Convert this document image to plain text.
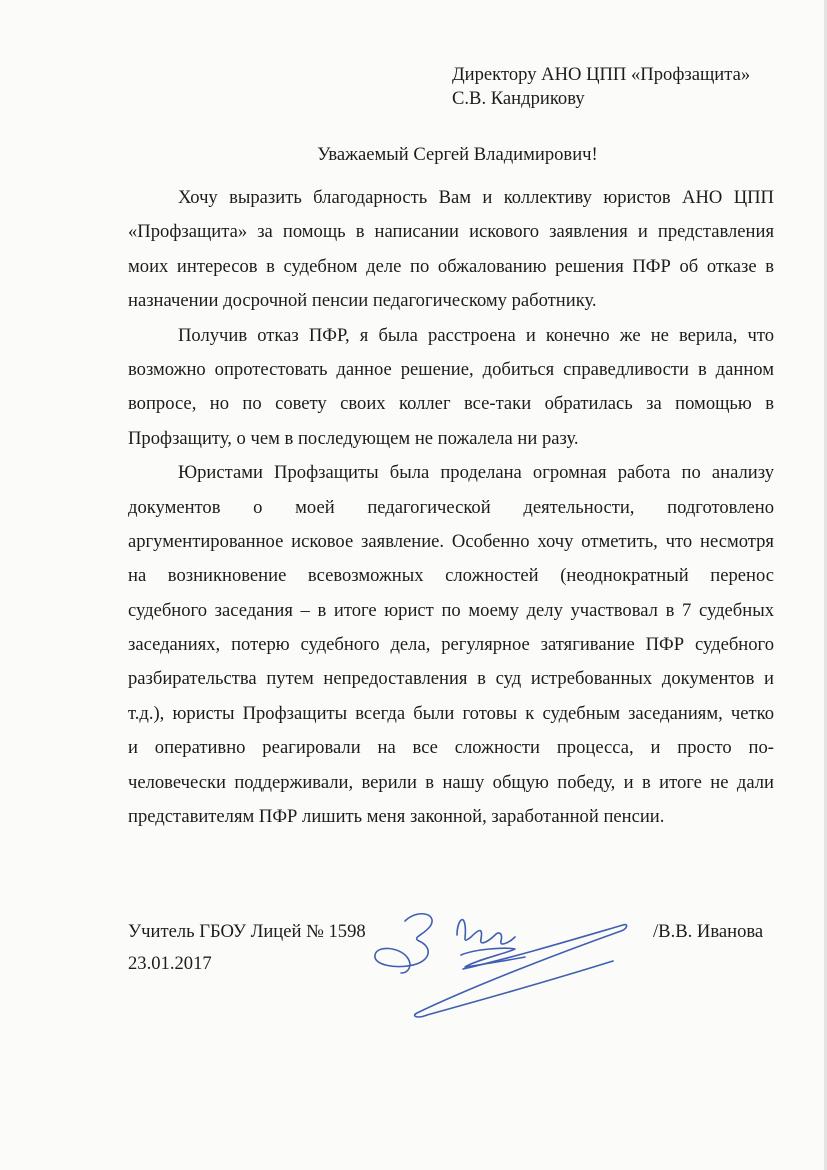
Директору АНО ЦПП «Профзащита»
С.В. Кандрикову
Уважаемый Сергей Владимирович!
Хочу выразить благодарность Вам и коллективу юристов АНО ЦПП
«Профзащита» за помощь в написании искового заявления и представления
моих интересов в судебном деле по обжалованию решения ПФР об отказе в
назначении досрочной пенсии педагогическому работнику.
Получив отказ ПФР, я была расстроена и конечно же не верила, что
возможно опротестовать данное решение, добиться справедливости в данном
вопросе, но по совету своих коллег все-таки обратилась за помощью в
Профзащиту, о чем в последующем не пожалела ни разу.
Юристами Профзащиты была проделана огромная работа по анализу
документов о моей педагогической деятельности, подготовлено
аргументированное исковое заявление. Особенно хочу отметить, что несмотря
на возникновение всевозможных сложностей (неоднократный перенос
судебного заседания – в итоге юрист по моему делу участвовал в 7 судебных
заседаниях, потерю судебного дела, регулярное затягивание ПФР судебного
разбирательства путем непредоставления в суд истребованных документов и
т.д.), юристы Профзащиты всегда были готовы к судебным заседаниям, четко
и оперативно реагировали на все сложности процесса, и просто по-
человечески поддерживали, верили в нашу общую победу, и в итоге не дали
представителям ПФР лишить меня законной, заработанной пенсии.
Учитель ГБОУ Лицей № 1598
23.01.2017
/В.В. Иванова
